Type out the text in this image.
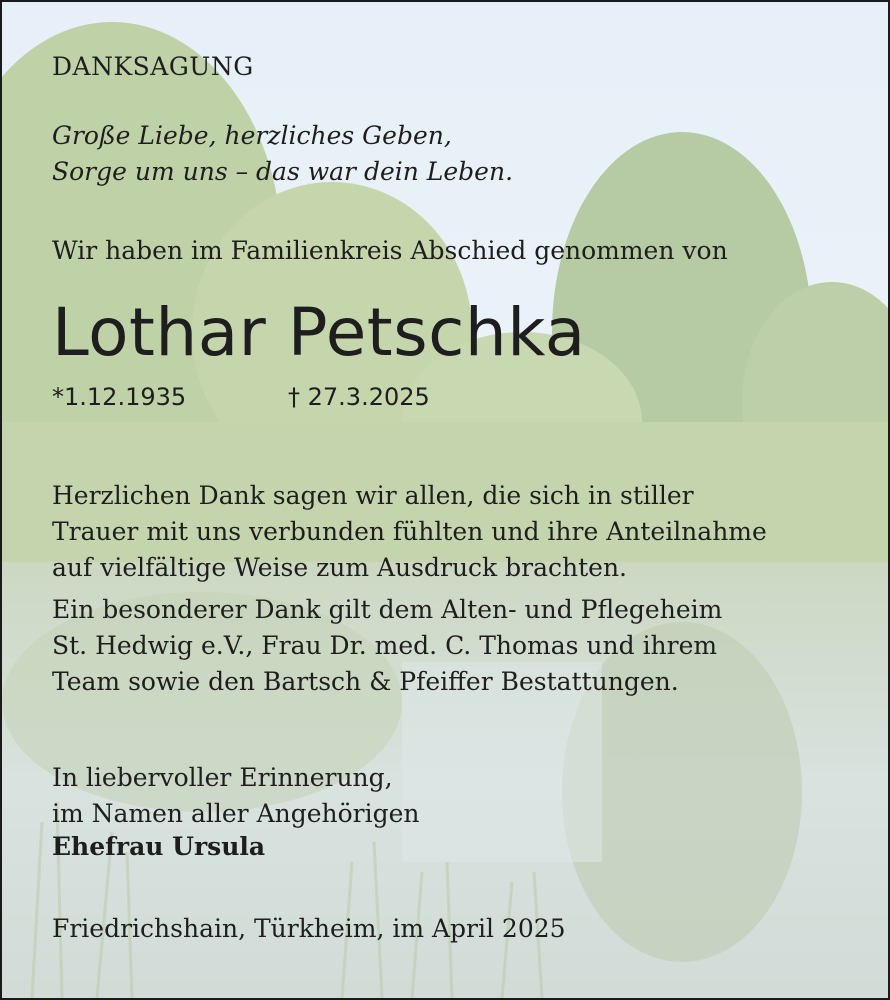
DANKSAGUNG

Große Liebe, herzliches Geben,
Sorge um uns – das war dein Leben.

Wir haben im Familienkreis Abschied genommen von

Lothar Petschka

*1.12.1935	† 27.3.2025

Herzlichen Dank sagen wir allen, die sich in stiller
Trauer mit uns verbunden fühlten und ihre Anteilnahme
auf vielfältige Weise zum Ausdruck brachten.

Ein besonderer Dank gilt dem Alten- und Pflegeheim
St. Hedwig e.V., Frau Dr. med. C. Thomas und ihrem
Team sowie den Bartsch & Pfeiffer Bestattungen.

In liebervoller Erinnerung,
im Namen aller Angehörigen

Ehefrau Ursula

Friedrichshain, Türkheim, im April 2025
